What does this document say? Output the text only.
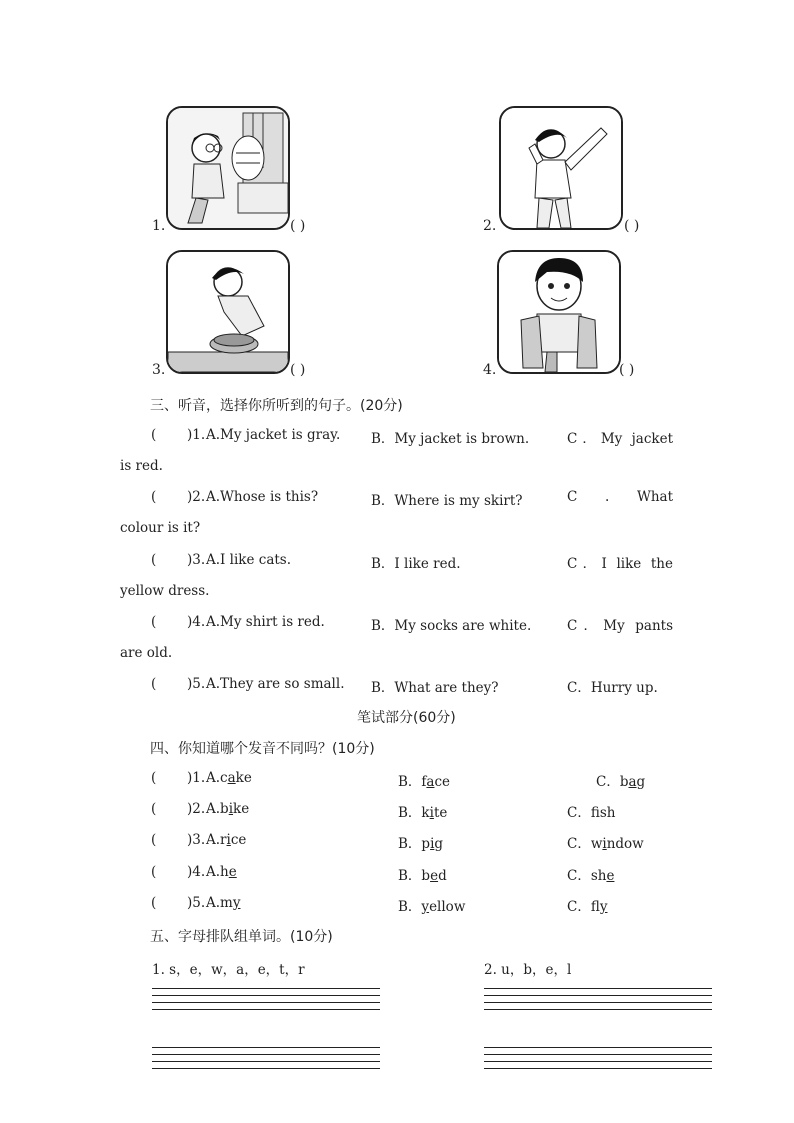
1.	( )	2.	( )
3.	( )	4.	( )
三、听音，选择你所听到的句子。(20分)
( )1. A.My jacket is gray. B．My jacket is brown.	C．My jacket
is red.
( )2. A.Whose is this?	B．Where is my skirt?	C . What
colour is it?
( )3. A.I like cats.	B．I like red.	C．I like the
yellow dress.
( )4. A.My shirt is red.	B．My socks are white.	C．My pants
are old.
( )5. A.They are so small. B．What are they?	C．Hurry up.
笔试部分(60分)
四、你知道哪个发音不同吗？(10分)
( )1. A.cake	B．face	C．bag
( )2. A.bike	B．kite	C．fsh
( )3. A.rice	B．pig	C．window
( )4. A.he	B．bed	C．she
( )5. A.my	B．yellow	C．fly
五、字母排队组单词。(10分)
1. s，e，w，a，e，t，r	2. u，b，e，l
